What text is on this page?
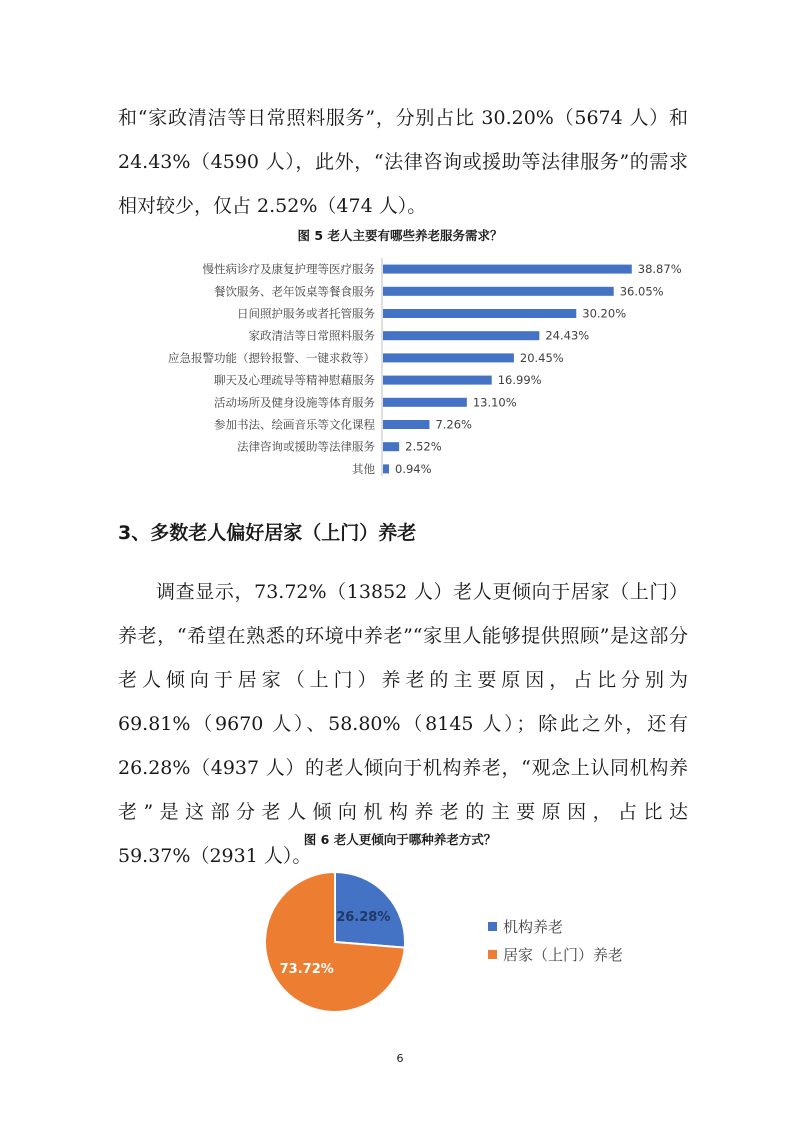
和“家政清洁等日常照料服务”，分别占比 30.20%（5674 人）和 24.43%（4590 人），此外，“法律咨询或援助等法律服务”的需求相对较少，仅占 2.52%（474 人）。

图 5 老人主要有哪些养老服务需求？
慢性病诊疗及康复护理等医疗服务	38.87%
餐饮服务、老年饭桌等餐食服务	36.05%
日间照护服务或者托管服务	30.20%
家政清洁等日常照料服务	24.43%
应急报警功能（摁铃报警、一键求救等）	20.45%
聊天及心理疏导等精神慰藉服务	16.99%
活动场所及健身设施等体育服务	13.10%
参加书法、绘画音乐等文化课程	7.26%
法律咨询或援助等法律服务	2.52%
其他 0.94%

3、多数老人偏好居家（上门）养老

调查显示，73.72%（13852 人）老人更倾向于居家（上门）养老，“希望在熟悉的环境中养老”“家里人能够提供照顾”是这部分老人倾向于居家（上门）养老的主要原因，占比分别为 69.81%（9670 人）、58.80%（8145 人）；除此之外，还有 26.28%（4937 人）的老人倾向于机构养老，“观念上认同机构养老”是这部分老人倾向机构养老的主要原因，占比达 59.37%（2931 人）。

图 6 老人更倾向于哪种养老方式？
26.28%
73.72%
机构养老
居家（上门）养老
6
